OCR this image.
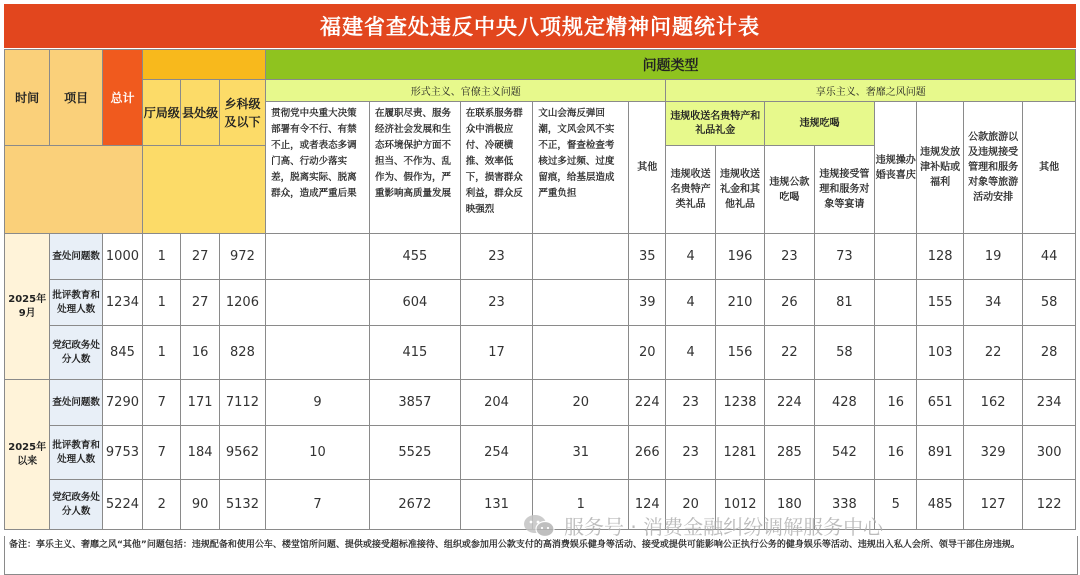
福建省查处违反中央八项规定精神问题统计表
时间	项目	总计				问题类型												
			厅局级	县处级	乡科级及以下	形式主义、官僚主义问题					享乐主义、奢靡之风问题							
						贯彻党中央重大决策部署有令不行、有禁不止，或者表态多调门高、行动少落实差，脱离实际、脱离群众，造成严重后果	在履职尽责、服务经济社会发展和生态环境保护方面不担当、不作为、乱作为、假作为，严重影响高质量发展	在联系服务群众中消极应付、冷硬横推、效率低下，损害群众利益，群众反映强烈	文山会海反弹回潮，文风会风不实不正，督查检查考核过多过频、过度留痕，给基层造成严重负担	其他	违规收送名贵特产和礼品礼金		违规吃喝		违规操办婚丧喜庆	违规发放津补贴或福利	公款旅游以及违规接受管理和服务对象等旅游活动安排	其他
											违规收送名贵特产类礼品	违规收送礼金和其他礼品	违规公款吃喝	违规接受管理和服务对象等宴请				
2025年9月	查处问题数	1000	1	27	972		455	23		35	4	196	23	73		128	19	44
	批评教育和处理人数	1234	1	27	1206		604	23		39	4	210	26	81		155	34	58
	党纪政务处分人数	845	1	16	828		415	17		20	4	156	22	58		103	22	28
2025年以来	查处问题数	7290	7	171	7112	9	3857	204	20	224	23	1238	224	428	16	651	162	234
	批评教育和处理人数	9753	7	184	9562	10	5525	254	31	266	23	1281	285	542	16	891	329	300
	党纪政务处分人数	5224	2	90	5132	7	2672	131	1	124	20	1012	180	338	5	485	127	122
备注：享乐主义、奢靡之风“其他”问题包括：违规配备和使用公车、楼堂馆所问题、提供或接受超标准接待、组织或参加用公款支付的高消费娱乐健身等活动、接受或提供可能影响公正执行公务的健身娱乐等活动、违规出入私人会所、领导干部住房违规。
服务号 · 消费金融纠纷调解服务中心
